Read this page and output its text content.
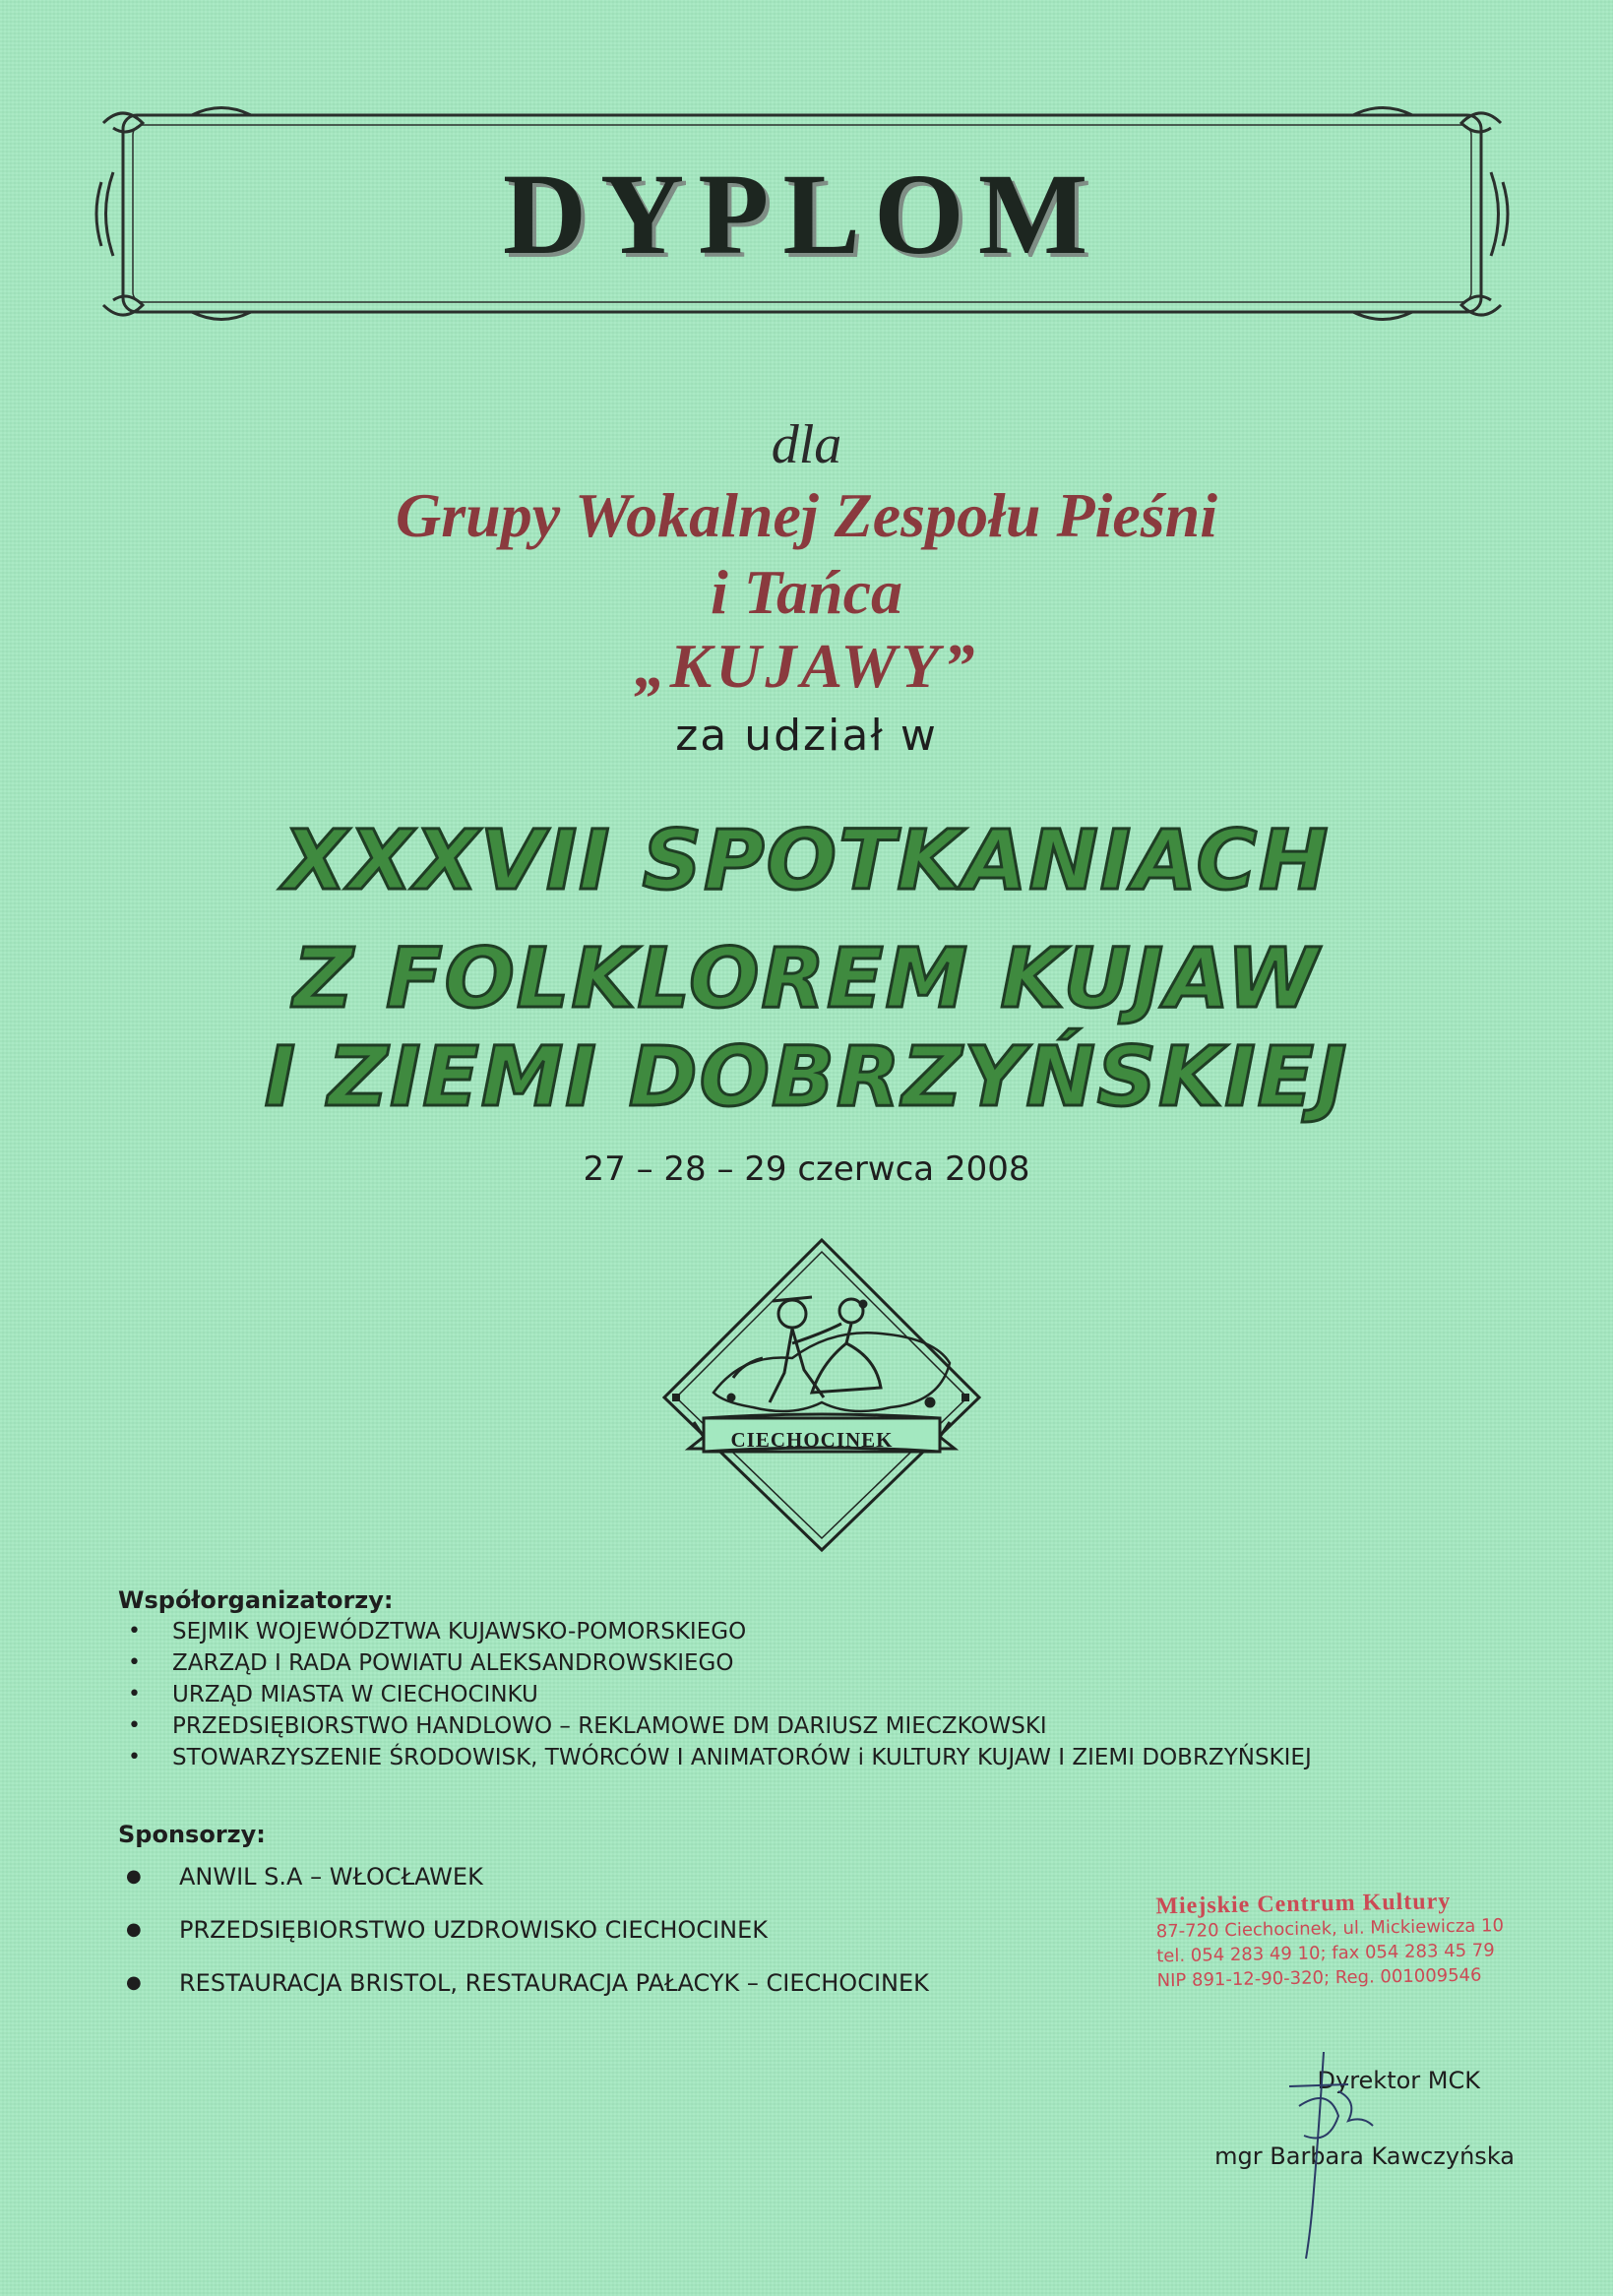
DYPLOM
dla
Grupy Wokalnej Zespołu Pieśni
i Tańca
„KUJAWY”
za udział w
XXXVII SPOTKANIACH
Z FOLKLOREM KUJAW
I ZIEMI DOBRZYŃSKIEJ
27 – 28 – 29 czerwca 2008
CIECHOCINEK
Współorganizatorzy:
• SEJMIK WOJEWÓDZTWA KUJAWSKO-POMORSKIEGO
• ZARZĄD I RADA POWIATU ALEKSANDROWSKIEGO
• URZĄD MIASTA W CIECHOCINKU
• PRZEDSIĘBIORSTWO HANDLOWO – REKLAMOWE DM DARIUSZ MIECZKOWSKI
• STOWARZYSZENIE ŚRODOWISK, TWÓRCÓW I ANIMATORÓW i KULTURY KUJAW I ZIEMI DOBRZYŃSKIEJ
Sponsorzy:
● ANWIL S.A – WŁOCŁAWEK
● PRZEDSIĘBIORSTWO UZDROWISKO CIECHOCINEK
● RESTAURACJA BRISTOL, RESTAURACJA PAŁACYK – CIECHOCINEK
Miejskie Centrum Kultury
87-720 Ciechocinek, ul. Mickiewicza 10
tel. 054 283 49 10; fax 054 283 45 79
NIP 891-12-90-320; Reg. 001009546
Dyrektor MCK
mgr Barbara Kawczyńska
